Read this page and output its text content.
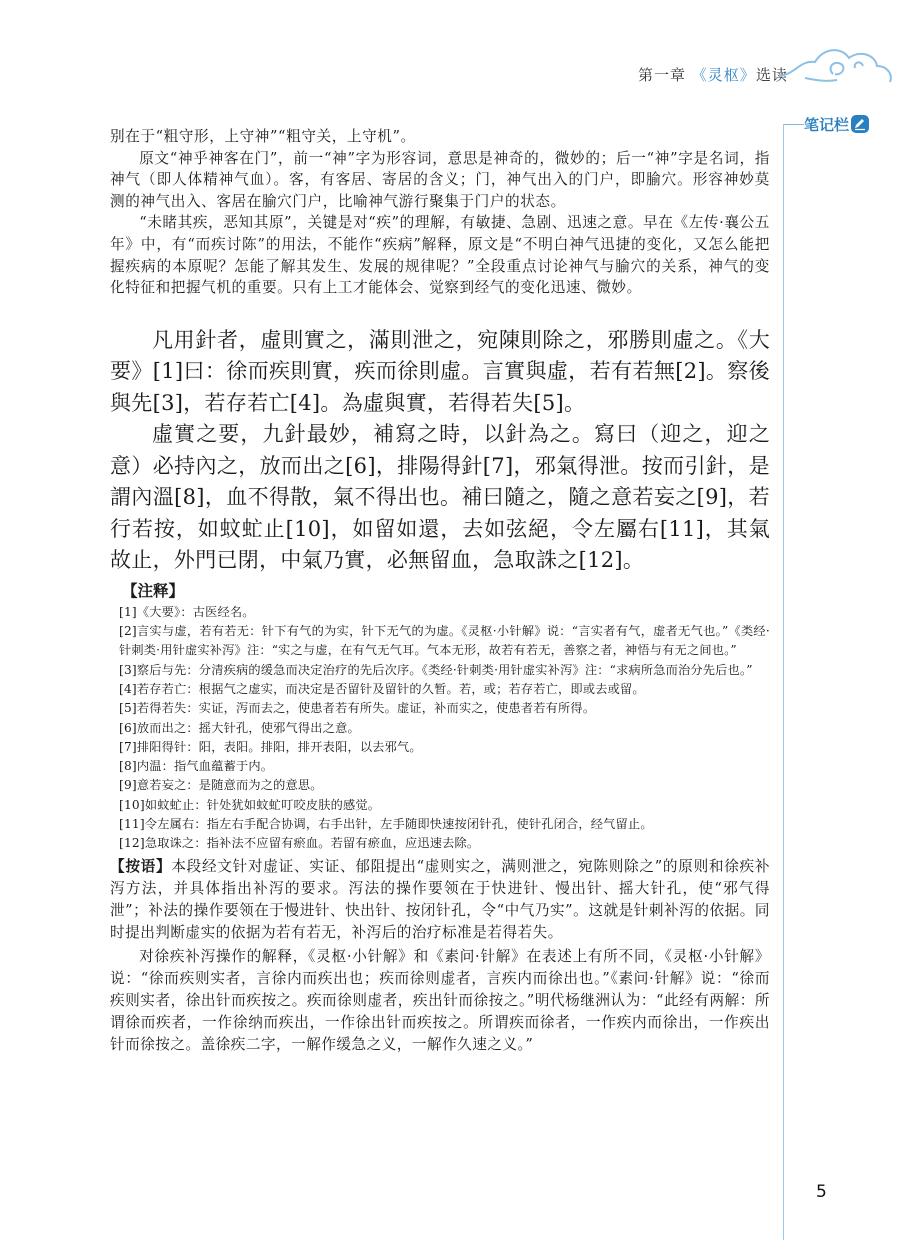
第一章 《灵枢》选读
笔记栏

别在于“粗守形，上守神”“粗守关，上守机”。

原文“神乎神客在门”，前一“神”字为形容词，意思是神奇的，微妙的；后一“神”字是名词，指神气（即人体精神气血）。客，有客居、寄居的含义；门，神气出入的门户，即腧穴。形容神妙莫测的神气出入、客居在腧穴门户，比喻神气游行聚集于门户的状态。

“未睹其疾，恶知其原”，关键是对“疾”的理解，有敏捷、急剧、迅速之意。早在《左传·襄公五年》中，有“而疾讨陈”的用法，不能作“疾病”解释，原文是“不明白神气迅捷的变化，又怎么能把握疾病的本原呢？怎能了解其发生、发展的规律呢？”全段重点讨论神气与腧穴的关系，神气的变化特征和把握气机的重要。只有上工才能体会、觉察到经气的变化迅速、微妙。

凡用針者，虛則實之，滿則泄之，宛陳則除之，邪勝則虛之。《大要》[1]曰：徐而疾則實，疾而徐則虛。言實與虛，若有若無[2]。察後與先[3]，若存若亡[4]。為虛與實，若得若失[5]。

虛實之要，九針最妙，補寫之時，以針為之。寫曰（迎之，迎之意）必持內之，放而出之[6]，排陽得針[7]，邪氣得泄。按而引針，是謂內溫[8]，血不得散，氣不得出也。補曰隨之，隨之意若妄之[9]，若行若按，如蚊虻止[10]，如留如還，去如弦絕，令左屬右[11]，其氣故止，外門已閉，中氣乃實，必無留血，急取誅之[12]。

【注释】

[1]《大要》：古医经名。

[2]言实与虚，若有若无：针下有气的为实，针下无气的为虚。《灵枢·小针解》说：“言实者有气，虚者无气也。”《类经·针刺类·用针虚实补泻》注：“实之与虚，在有气无气耳。气本无形，故若有若无，善察之者，神悟与有无之间也。”

[3]察后与先：分清疾病的缓急而决定治疗的先后次序。《类经·针刺类·用针虚实补泻》注：“求病所急而治分先后也。”

[4]若存若亡：根据气之虚实，而决定是否留针及留针的久暂。若，或；若存若亡，即或去或留。

[5]若得若失：实证，泻而去之，使患者若有所失。虚证，补而实之，使患者若有所得。

[6]放而出之：摇大针孔，使邪气得出之意。

[7]排阳得针：阳，表阳。排阳，排开表阳，以去邪气。

[8]内温：指气血蕴蓄于内。

[9]意若妄之：是随意而为之的意思。

[10]如蚊虻止：针处犹如蚊虻叮咬皮肤的感觉。

[11]令左属右：指左右手配合协调，右手出针，左手随即快速按闭针孔，使针孔闭合，经气留止。

[12]急取诛之：指补法不应留有瘀血。若留有瘀血，应迅速去除。

【按语】本段经文针对虚证、实证、郁阻提出“虚则实之，满则泄之，宛陈则除之”的原则和徐疾补泻方法，并具体指出补泻的要求。泻法的操作要领在于快进针、慢出针、摇大针孔，使“邪气得泄”；补法的操作要领在于慢进针、快出针、按闭针孔，令“中气乃实”。这就是针刺补泻的依据。同时提出判断虚实的依据为若有若无，补泻后的治疗标准是若得若失。

对徐疾补泻操作的解释，《灵枢·小针解》和《素问·针解》在表述上有所不同，《灵枢·小针解》说：“徐而疾则实者，言徐内而疾出也；疾而徐则虚者，言疾内而徐出也。”《素问·针解》说：“徐而疾则实者，徐出针而疾按之。疾而徐则虚者，疾出针而徐按之。”明代杨继洲认为：“此经有两解：所谓徐而疾者，一作徐纳而疾出，一作徐出针而疾按之。所谓疾而徐者，一作疾内而徐出，一作疾出针而徐按之。盖徐疾二字，一解作缓急之义，一解作久速之义。”

5
